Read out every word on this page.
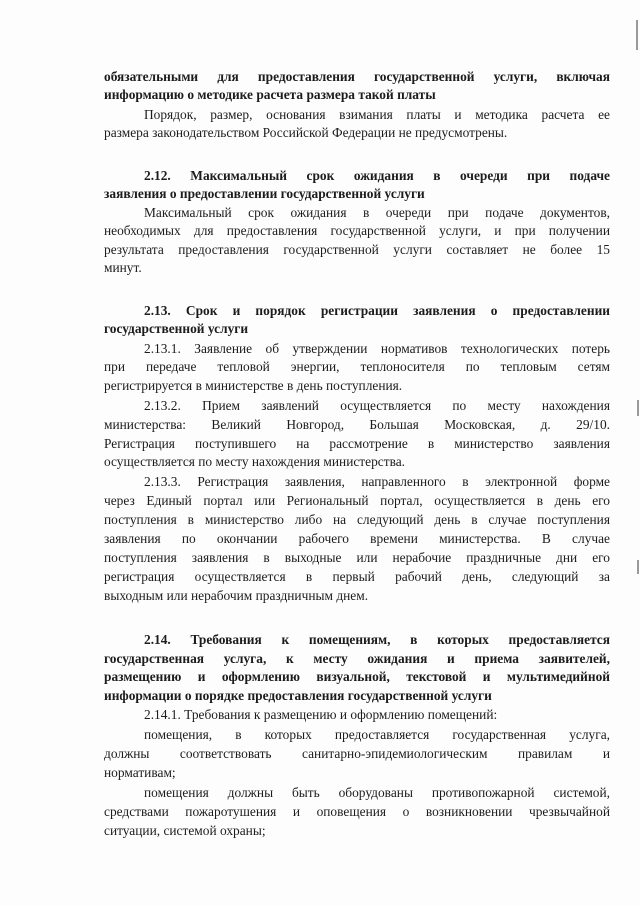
обязательными для предоставления государственной услуги, включая
информацию о методике расчета размера такой платы
Порядок, размер, основания взимания платы и методика расчета ее
размера законодательством Российской Федерации не предусмотрены.
2.12. Максимальный срок ожидания в очереди при подаче
заявления о предоставлении государственной услуги
Максимальный срок ожидания в очереди при подаче документов,
необходимых для предоставления государственной услуги, и при получении
результата предоставления государственной услуги составляет не более 15
минут.
2.13. Срок и порядок регистрации заявления о предоставлении
государственной услуги
2.13.1. Заявление об утверждении нормативов технологических потерь
при передаче тепловой энергии, теплоносителя по тепловым сетям
регистрируется в министерстве в день поступления.
2.13.2. Прием заявлений осуществляется по месту нахождения
министерства: Великий Новгород, Большая Московская, д. 29/10.
Регистрация поступившего на рассмотрение в министерство заявления
осуществляется по месту нахождения министерства.
2.13.3. Регистрация заявления, направленного в электронной форме
через Единый портал или Региональный портал, осуществляется в день его
поступления в министерство либо на следующий день в случае поступления
заявления по окончании рабочего времени министерства. В случае
поступления заявления в выходные или нерабочие праздничные дни его
регистрация осуществляется в первый рабочий день, следующий за
выходным или нерабочим праздничным днем.
2.14. Требования к помещениям, в которых предоставляется
государственная услуга, к месту ожидания и приема заявителей,
размещению и оформлению визуальной, текстовой и мультимедийной
информации о порядке предоставления государственной услуги
2.14.1. Требования к размещению и оформлению помещений:
помещения, в которых предоставляется государственная услуга,
должны соответствовать санитарно-эпидемиологическим правилам и
нормативам;
помещения должны быть оборудованы противопожарной системой,
средствами пожаротушения и оповещения о возникновении чрезвычайной
ситуации, системой охраны;
